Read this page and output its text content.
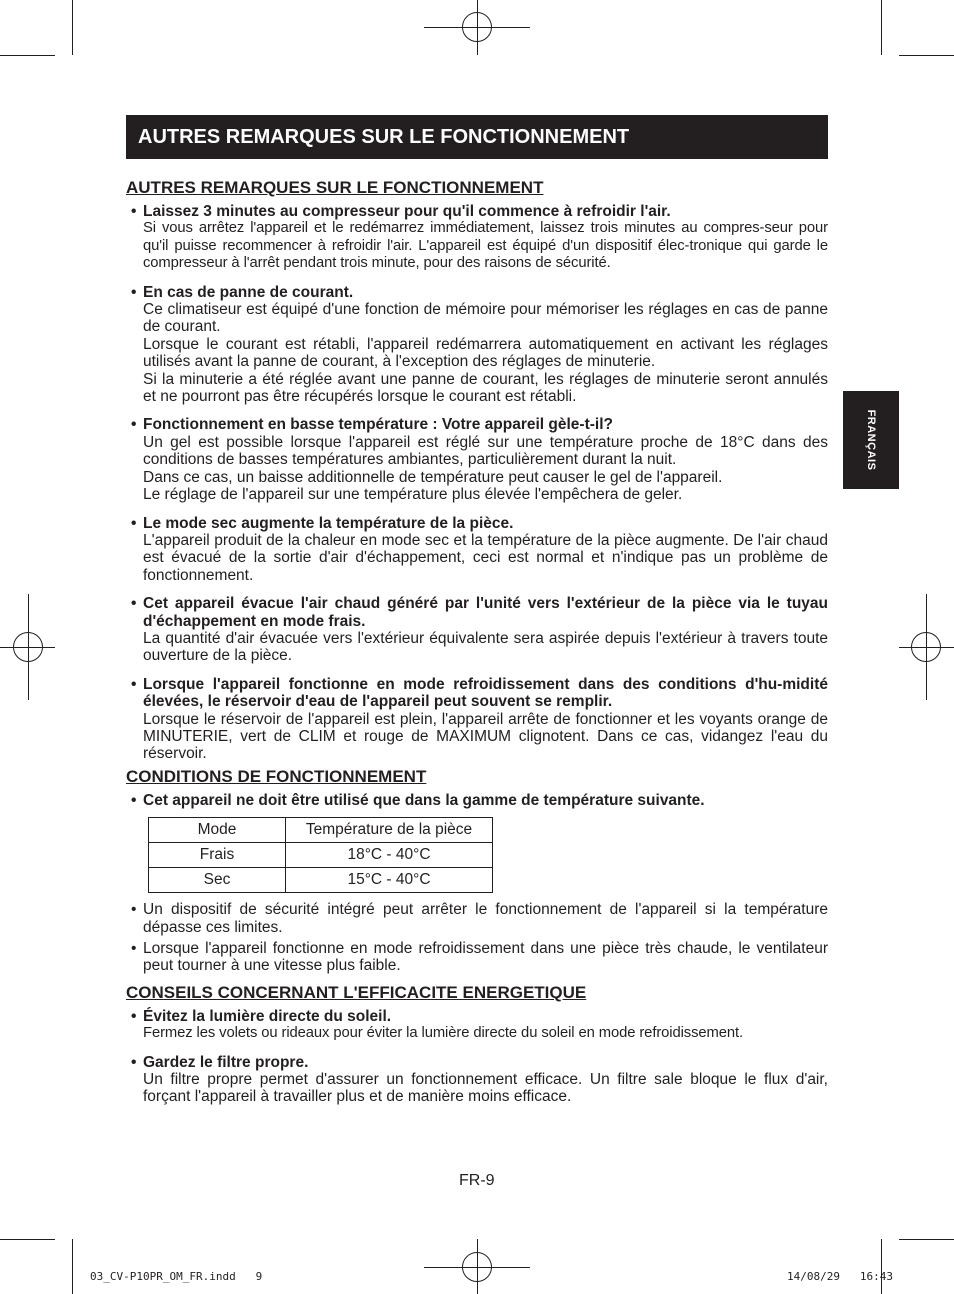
AUTRES REMARQUES SUR LE FONCTIONNEMENT
FRANÇAIS
AUTRES REMARQUES SUR LE FONCTIONNEMENT
• Laissez 3 minutes au compresseur pour qu'il commence à refroidir l'air.
Si vous arrêtez l'appareil et le redémarrez immédiatement, laissez trois minutes au compres-seur pour qu'il puisse recommencer à refroidir l'air. L'appareil est équipé d'un dispositif élec-tronique qui garde le compresseur à l'arrêt pendant trois minute, pour des raisons de sécurité.
• En cas de panne de courant.
Ce climatiseur est équipé d'une fonction de mémoire pour mémoriser les réglages en cas de panne de courant.
Lorsque le courant est rétabli, l'appareil redémarrera automatiquement en activant les réglages utilisés avant la panne de courant, à l'exception des réglages de minuterie.
Si la minuterie a été réglée avant une panne de courant, les réglages de minuterie seront annulés et ne pourront pas être récupérés lorsque le courant est rétabli.
• Fonctionnement en basse température : Votre appareil gèle-t-il?
Un gel est possible lorsque l'appareil est réglé sur une température proche de 18°C dans des conditions de basses températures ambiantes, particulièrement durant la nuit.
Dans ce cas, un baisse additionnelle de température peut causer le gel de l'appareil.
Le réglage de l'appareil sur une température plus élevée l'empêchera de geler.
• Le mode sec augmente la température de la pièce.
L'appareil produit de la chaleur en mode sec et la température de la pièce augmente. De l'air chaud est évacué de la sortie d'air d'échappement, ceci est normal et n'indique pas un problème de fonctionnement.
• Cet appareil évacue l'air chaud généré par l'unité vers l'extérieur de la pièce via le tuyau d'échappement en mode frais.
La quantité d'air évacuée vers l'extérieur équivalente sera aspirée depuis l'extérieur à travers toute ouverture de la pièce.
• Lorsque l'appareil fonctionne en mode refroidissement dans des conditions d'hu-midité élevées, le réservoir d'eau de l'appareil peut souvent se remplir.
Lorsque le réservoir de l'appareil est plein, l'appareil arrête de fonctionner et les voyants orange de MINUTERIE, vert de CLIM et rouge de MAXIMUM clignotent. Dans ce cas, vidangez l'eau du réservoir.
CONDITIONS DE FONCTIONNEMENT
• Cet appareil ne doit être utilisé que dans la gamme de température suivante.
Mode	Température de la pièce
Frais	18°C - 40°C
Sec	15°C - 40°C
• Un dispositif de sécurité intégré peut arrêter le fonctionnement de l'appareil si la température dépasse ces limites.
• Lorsque l'appareil fonctionne en mode refroidissement dans une pièce très chaude, le ventilateur peut tourner à une vitesse plus faible.
CONSEILS CONCERNANT L'EFFICACITE ENERGETIQUE
• Évitez la lumière directe du soleil.
Fermez les volets ou rideaux pour éviter la lumière directe du soleil en mode refroidissement.
• Gardez le filtre propre.
Un filtre propre permet d'assurer un fonctionnement efficace. Un filtre sale bloque le flux d'air, forçant l'appareil à travailler plus et de manière moins efficace.
FR-9
03_CV-P10PR_OM_FR.indd   9	14/08/29   16:43
